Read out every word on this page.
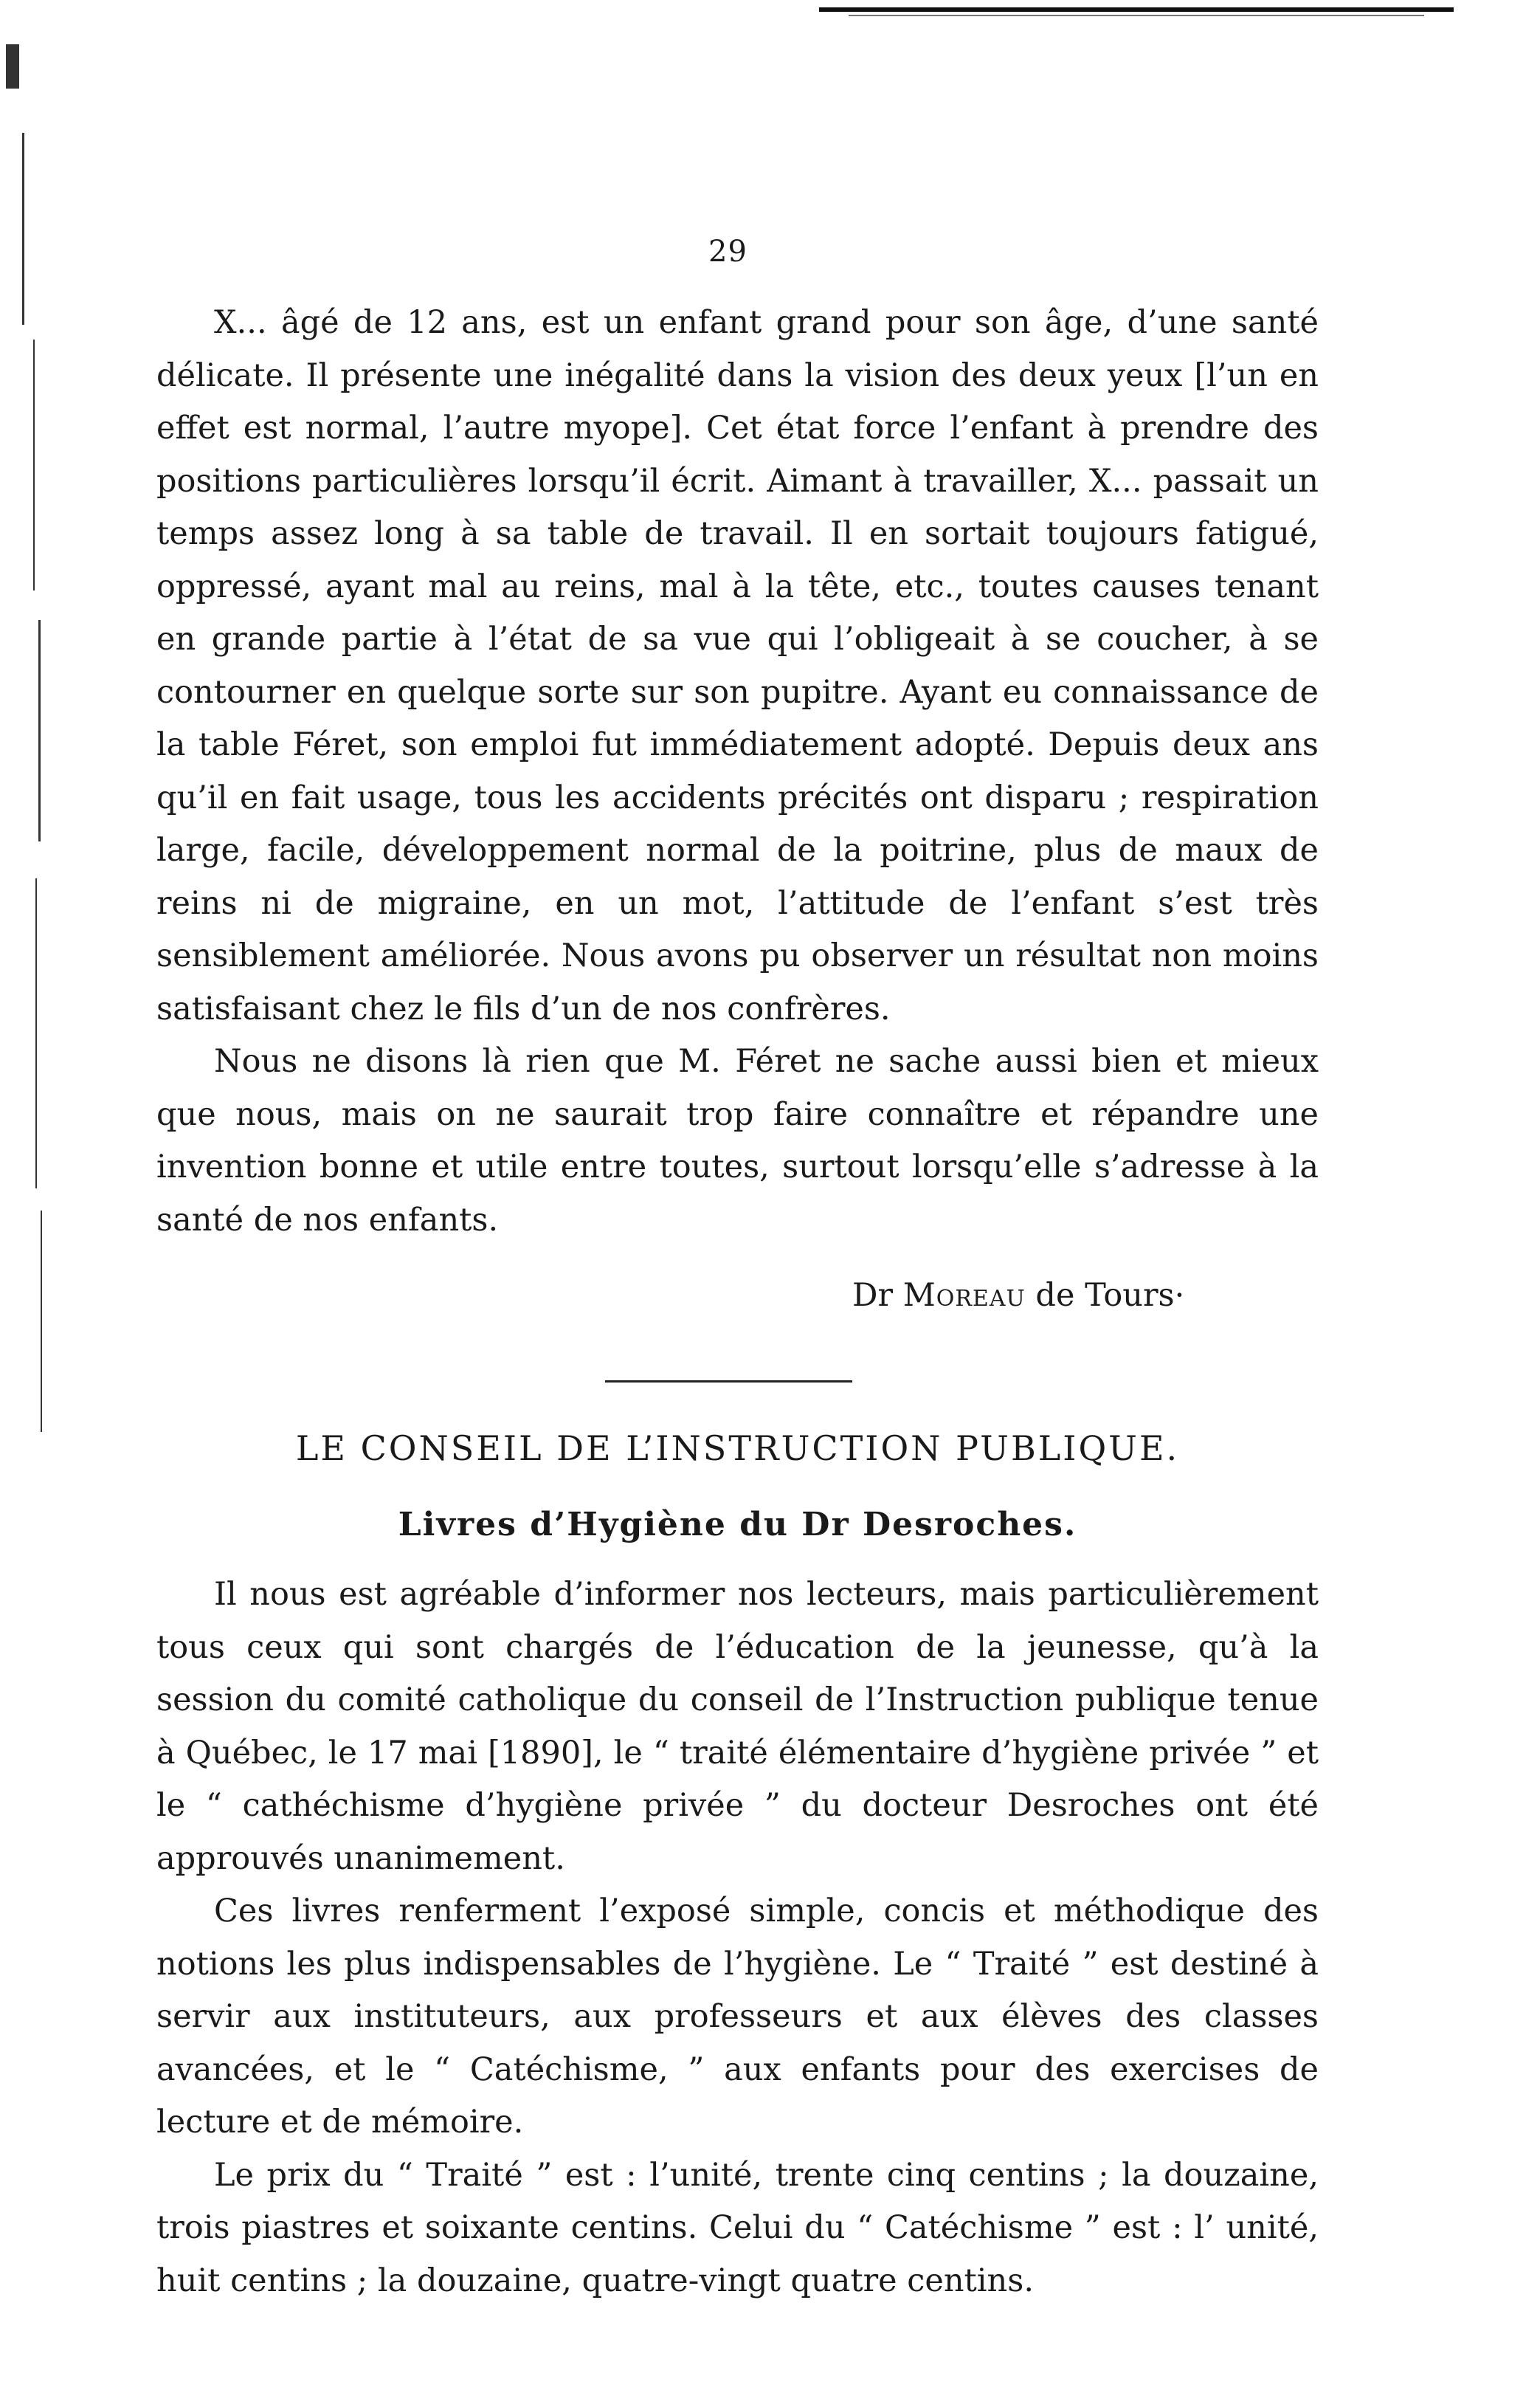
29

X... âgé de 12 ans, est un enfant grand pour son âge, d’une santé délicate. Il présente une inégalité dans la vision des deux yeux [l’un en effet est normal, l’autre myope]. Cet état force l’enfant à prendre des positions particulières lorsqu’il écrit. Aimant à travailler, X... passait un temps assez long à sa table de travail. Il en sortait toujours fatigué, oppressé, ayant mal au reins, mal à la tête, etc., toutes causes tenant en grande partie à l’état de sa vue qui l’obligeait à se coucher, à se contourner en quelque sorte sur son pupitre. Ayant eu connaissance de la table Féret, son emploi fut immédiatement adopté. Depuis deux ans qu’il en fait usage, tous les accidents précités ont disparu ; respiration large, facile, développement normal de la poitrine, plus de maux de reins ni de migraine, en un mot, l’attitude de l’enfant s’est très sensiblement améliorée. Nous avons pu observer un résultat non moins satisfaisant chez le fils d’un de nos confrères.

Nous ne disons là rien que M. Féret ne sache aussi bien et mieux que nous, mais on ne saurait trop faire connaître et répandre une invention bonne et utile entre toutes, surtout lorsqu’elle s’adresse à la santé de nos enfants.

Dr Moreau de Tours·
LE CONSEIL DE L’INSTRUCTION PUBLIQUE.
Livres d’Hygiène du Dr Desroches.

Il nous est agréable d’informer nos lecteurs, mais particulièrement tous ceux qui sont chargés de l’éducation de la jeunesse, qu’à la session du comité catholique du conseil de l’Instruction publique tenue à Québec, le 17 mai [1890], le “ traité élémentaire d’hygiène privée ” et le “ cathéchisme d’hygiène privée ” du docteur Desroches ont été approuvés unanimement.

Ces livres renferment l’exposé simple, concis et méthodique des notions les plus indispensables de l’hygiène. Le “ Traité ” est destiné à servir aux instituteurs, aux professeurs et aux élèves des classes avancées, et le “ Catéchisme, ” aux enfants pour des exercises de lecture et de mémoire.

Le prix du “ Traité ” est : l’unité, trente cinq centins ; la douzaine, trois piastres et soixante centins. Celui du “ Catéchisme ” est : l’ unité, huit centins ; la douzaine, quatre-vingt quatre centins.
